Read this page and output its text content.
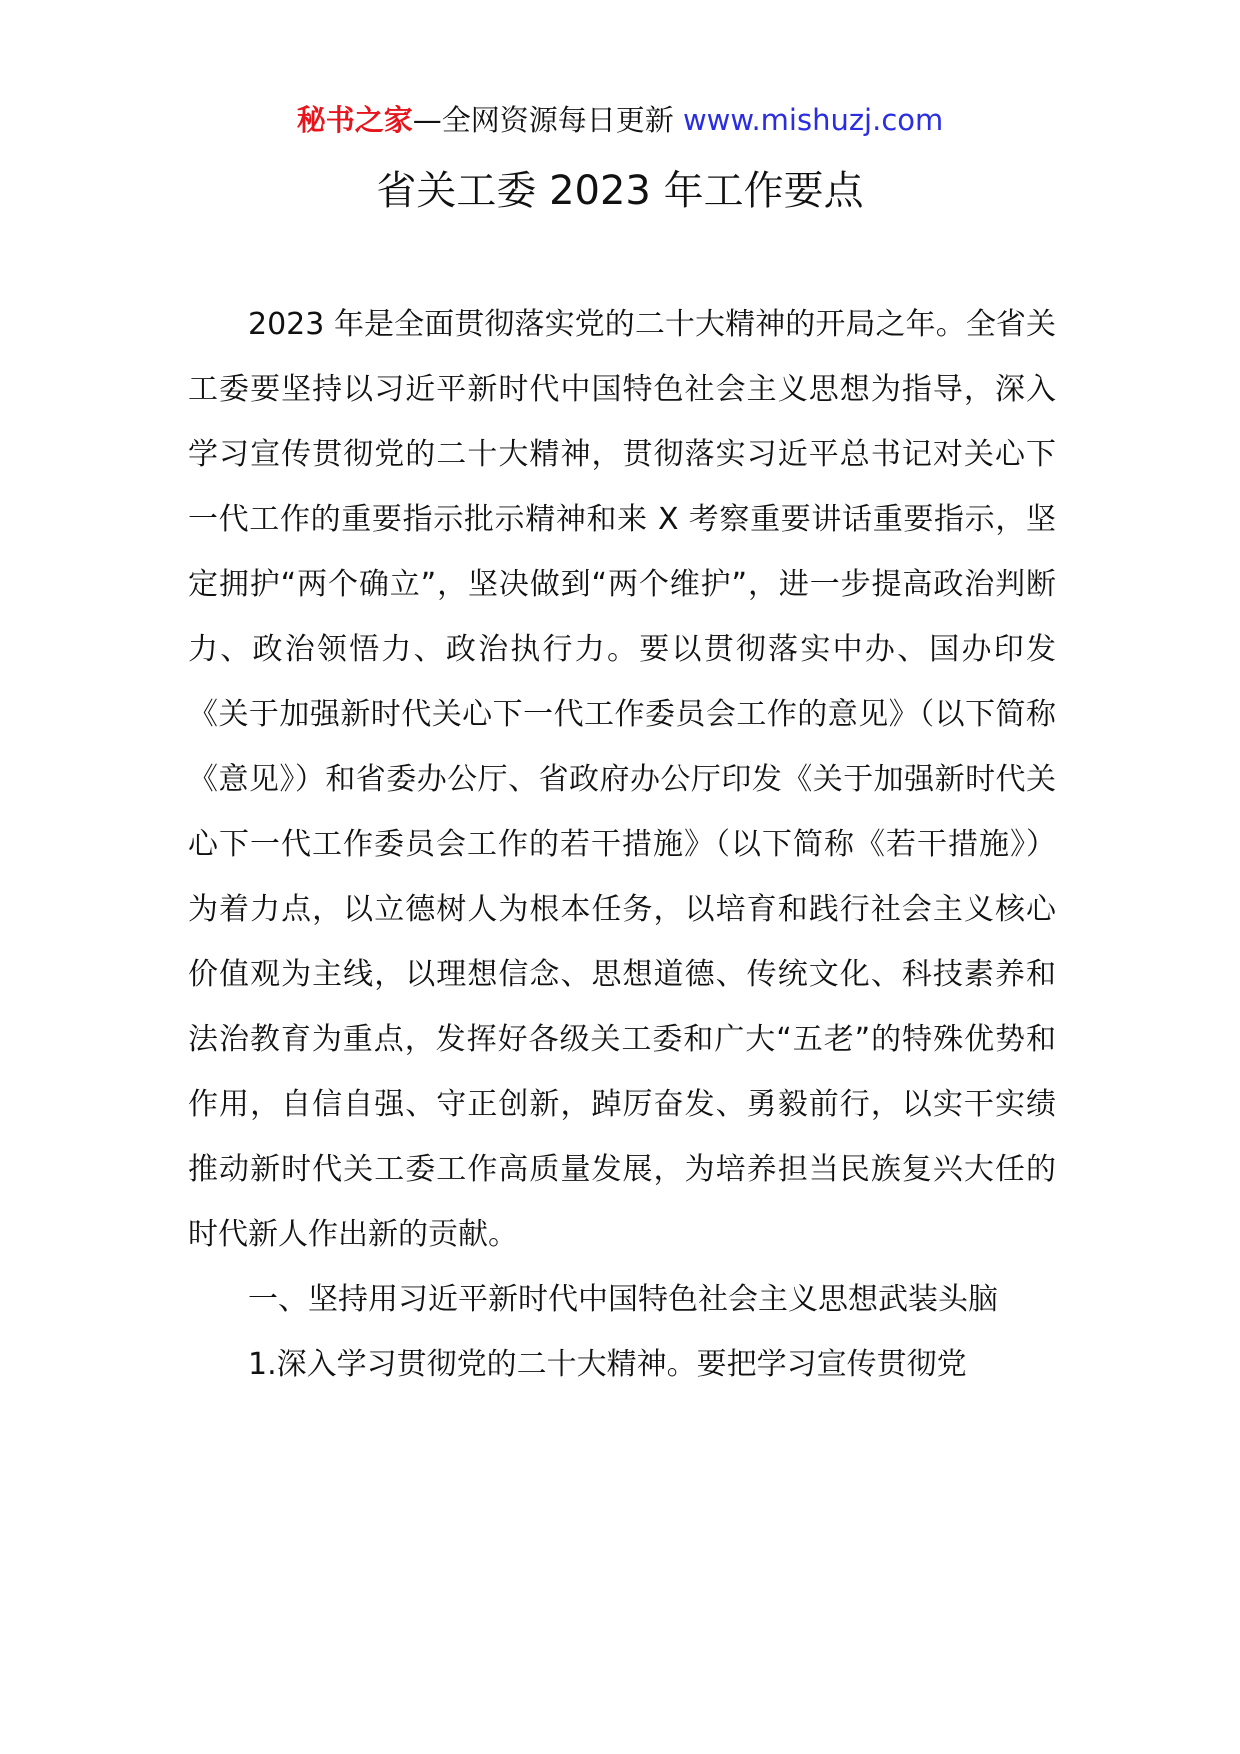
秘书之家—全网资源每日更新 www.mishuzj.com
省关工委 2023 年工作要点

2023 年是全面贯彻落实党的二十大精神的开局之年。全省关工委要坚持以习近平新时代中国特色社会主义思想为指导，深入学习宣传贯彻党的二十大精神，贯彻落实习近平总书记对关心下一代工作的重要指示批示精神和来 X 考察重要讲话重要指示，坚定拥护“两个确立”，坚决做到“两个维护”，进一步提高政治判断力、政治领悟力、政治执行力。要以贯彻落实中办、国办印发《关于加强新时代关心下一代工作委员会工作的意见》（以下简称《意见》）和省委办公厅、省政府办公厅印发《关于加强新时代关心下一代工作委员会工作的若干措施》（以下简称《若干措施》）为着力点，以立德树人为根本任务，以培育和践行社会主义核心价值观为主线，以理想信念、思想道德、传统文化、科技素养和法治教育为重点，发挥好各级关工委和广大“五老”的特殊优势和作用，自信自强、守正创新，踔厉奋发、勇毅前行，以实干实绩推动新时代关工委工作高质量发展，为培养担当民族复兴大任的时代新人作出新的贡献。

一、坚持用习近平新时代中国特色社会主义思想武装头脑

1.深入学习贯彻党的二十大精神。要把学习宣传贯彻党
